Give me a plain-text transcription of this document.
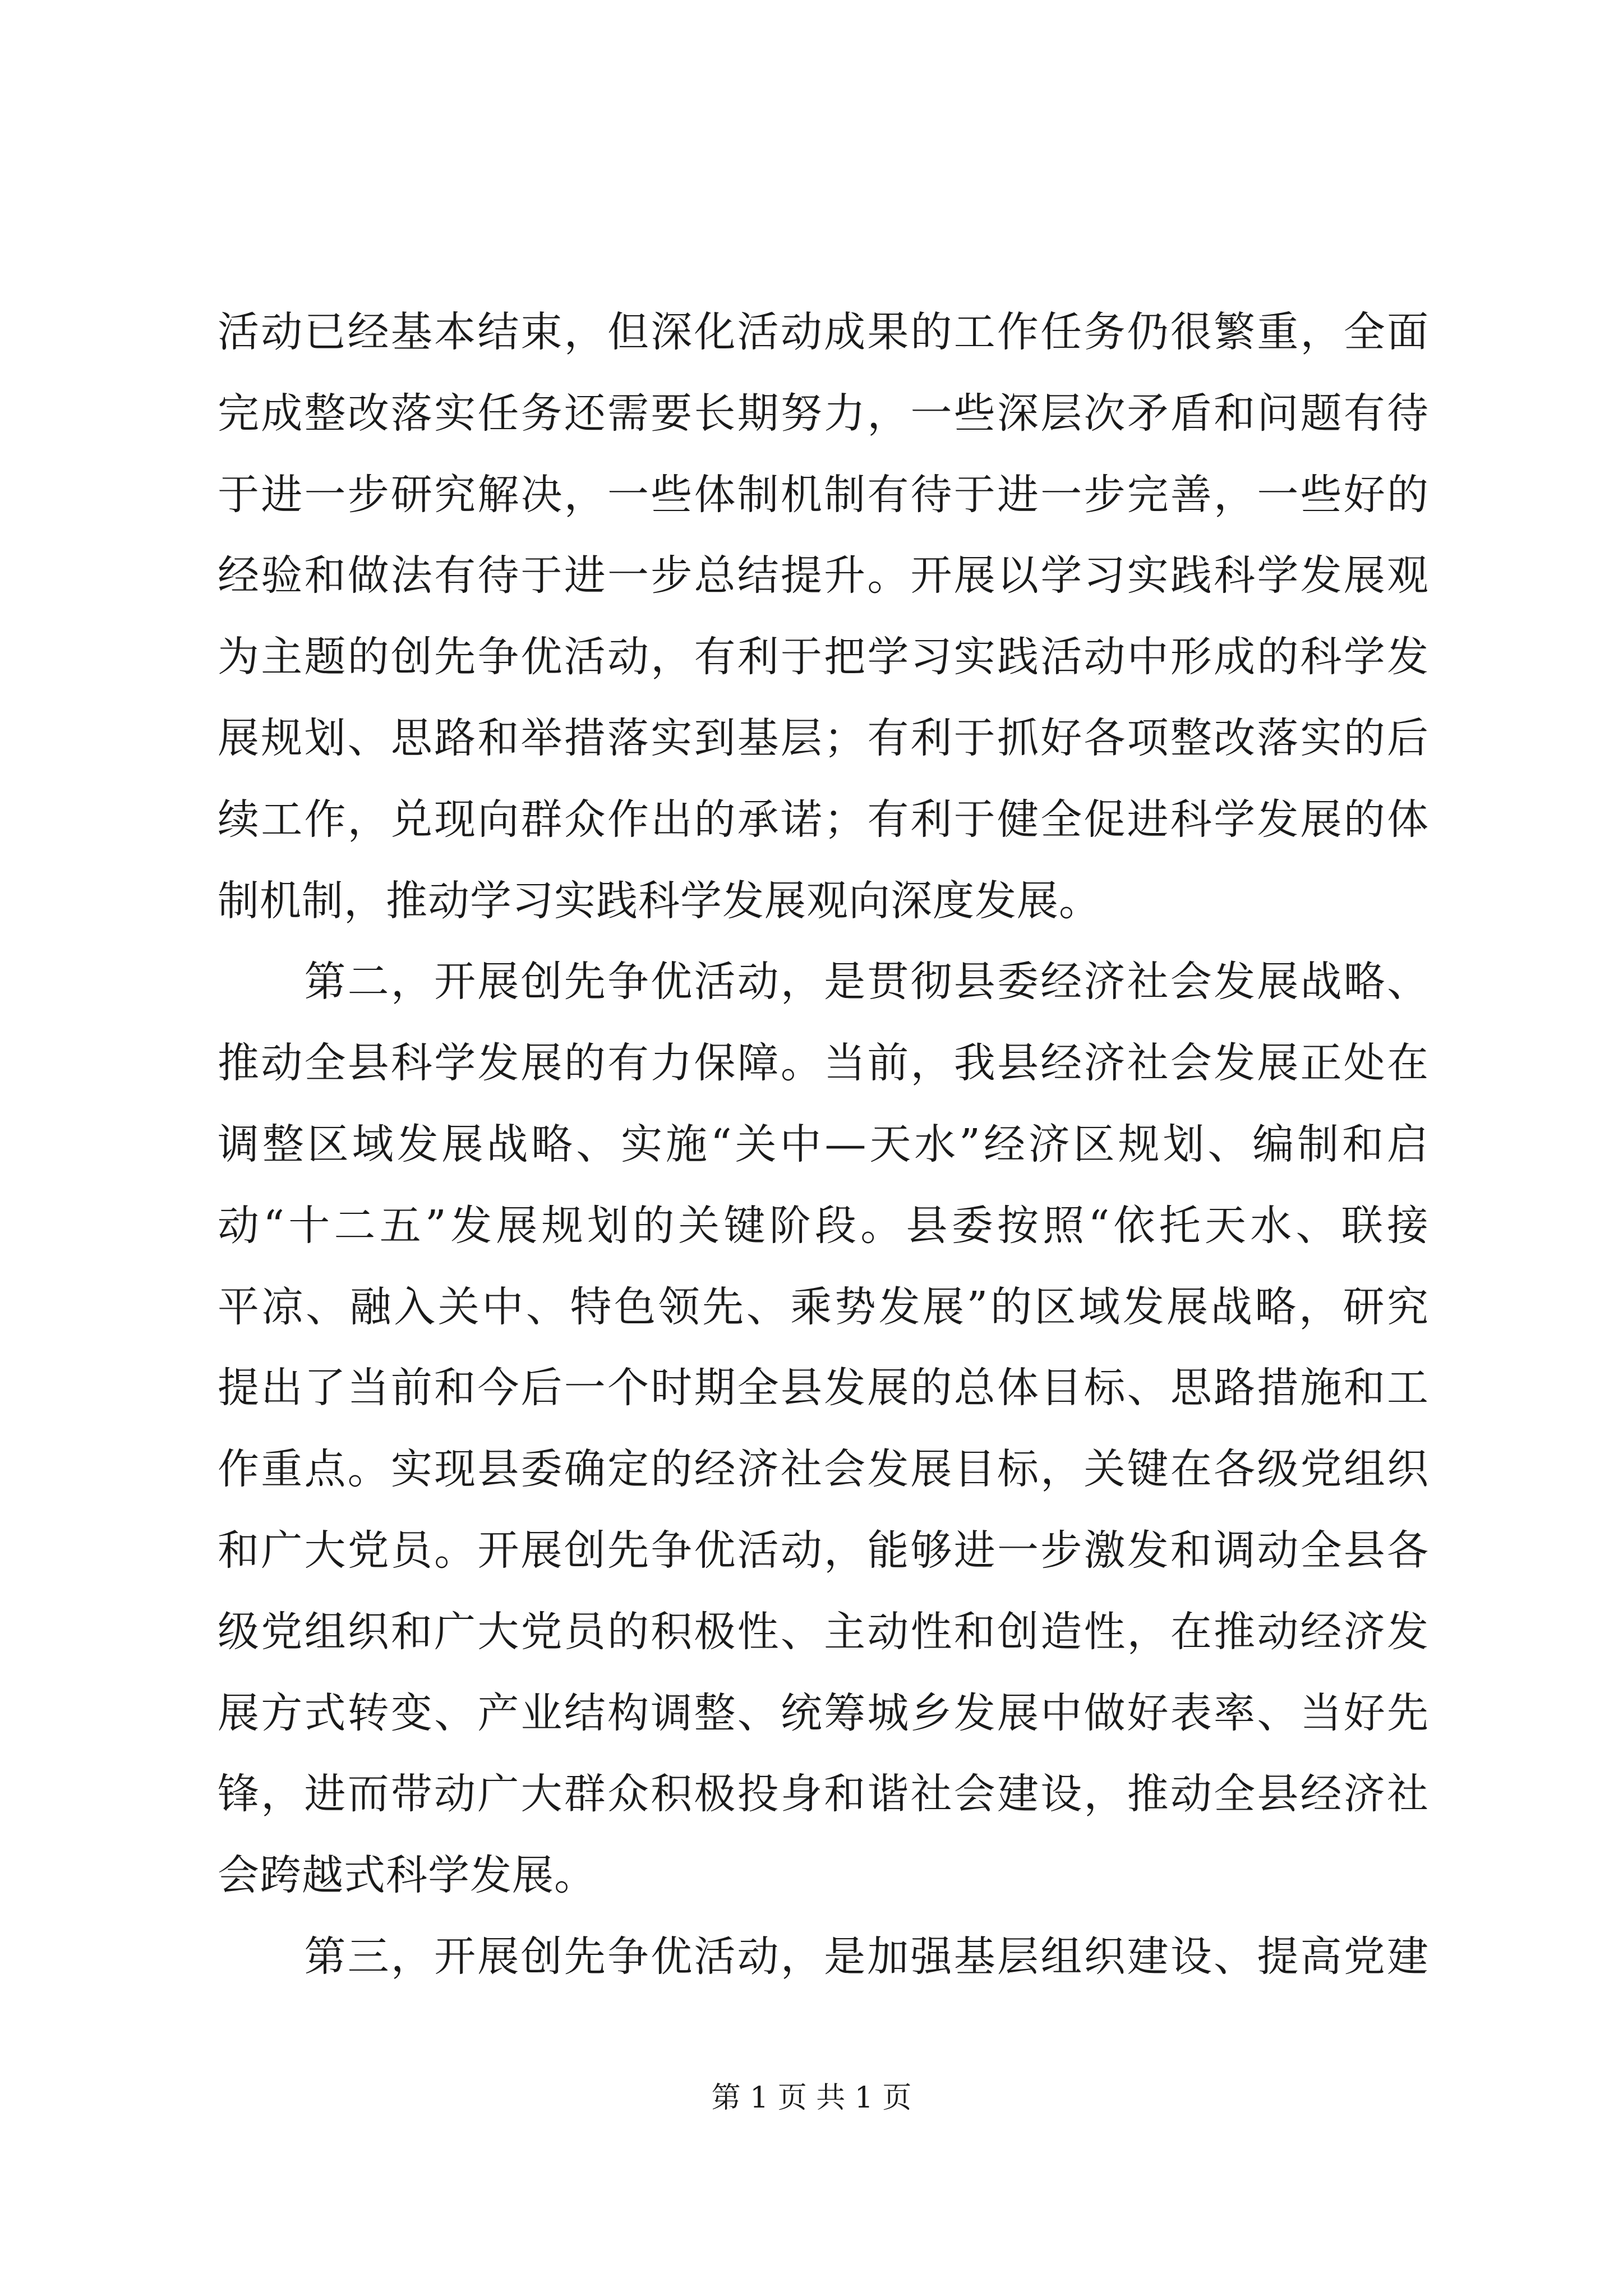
活动已经基本结束，但深化活动成果的工作任务仍很繁重，全面
完成整改落实任务还需要长期努力，一些深层次矛盾和问题有待
于进一步研究解决，一些体制机制有待于进一步完善，一些好的
经验和做法有待于进一步总结提升。开展以学习实践科学发展观
为主题的创先争优活动，有利于把学习实践活动中形成的科学发
展规划、思路和举措落实到基层；有利于抓好各项整改落实的后
续工作，兑现向群众作出的承诺；有利于健全促进科学发展的体
制机制，推动学习实践科学发展观向深度发展。
　　第二，开展创先争优活动，是贯彻县委经济社会发展战略、
推动全县科学发展的有力保障。当前，我县经济社会发展正处在
调整区域发展战略、实施“关中—天水”经济区规划、编制和启
动“十二五”发展规划的关键阶段。县委按照“依托天水、联接
平凉、融入关中、特色领先、乘势发展”的区域发展战略，研究
提出了当前和今后一个时期全县发展的总体目标、思路措施和工
作重点。实现县委确定的经济社会发展目标，关键在各级党组织
和广大党员。开展创先争优活动，能够进一步激发和调动全县各
级党组织和广大党员的积极性、主动性和创造性，在推动经济发
展方式转变、产业结构调整、统筹城乡发展中做好表率、当好先
锋，进而带动广大群众积极投身和谐社会建设，推动全县经济社
会跨越式科学发展。
　　第三，开展创先争优活动，是加强基层组织建设、提高党建
第 1 页 共 1 页
